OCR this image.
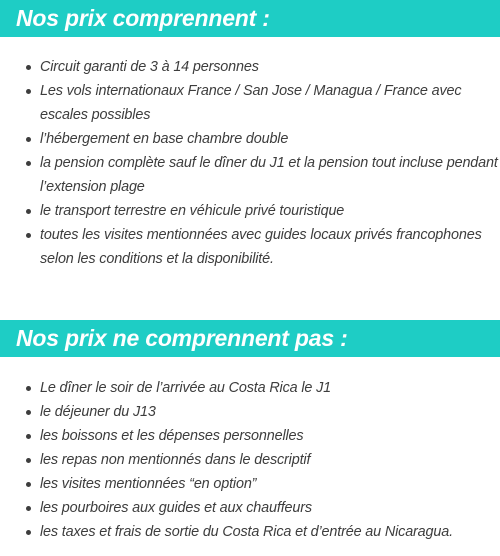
Nos prix comprennent :
Circuit garanti de 3 à 14 personnes
Les vols internationaux France / San Jose / Managua / France avec escales possibles
l’hébergement en base chambre double
la pension complète sauf le dîner du J1 et la pension tout incluse pendant l’extension plage
le transport terrestre en véhicule privé touristique
toutes les visites mentionnées avec guides locaux privés francophones selon les conditions et la disponibilité.
Nos prix ne comprennent pas :
Le dîner le soir de l’arrivée au Costa Rica le J1
le déjeuner du J13
les boissons et les dépenses personnelles
les repas non mentionnés dans le descriptif
les visites mentionnées “en option”
les pourboires aux guides et aux chauffeurs
les taxes et frais de sortie du Costa Rica et d’entrée au Nicaragua.
